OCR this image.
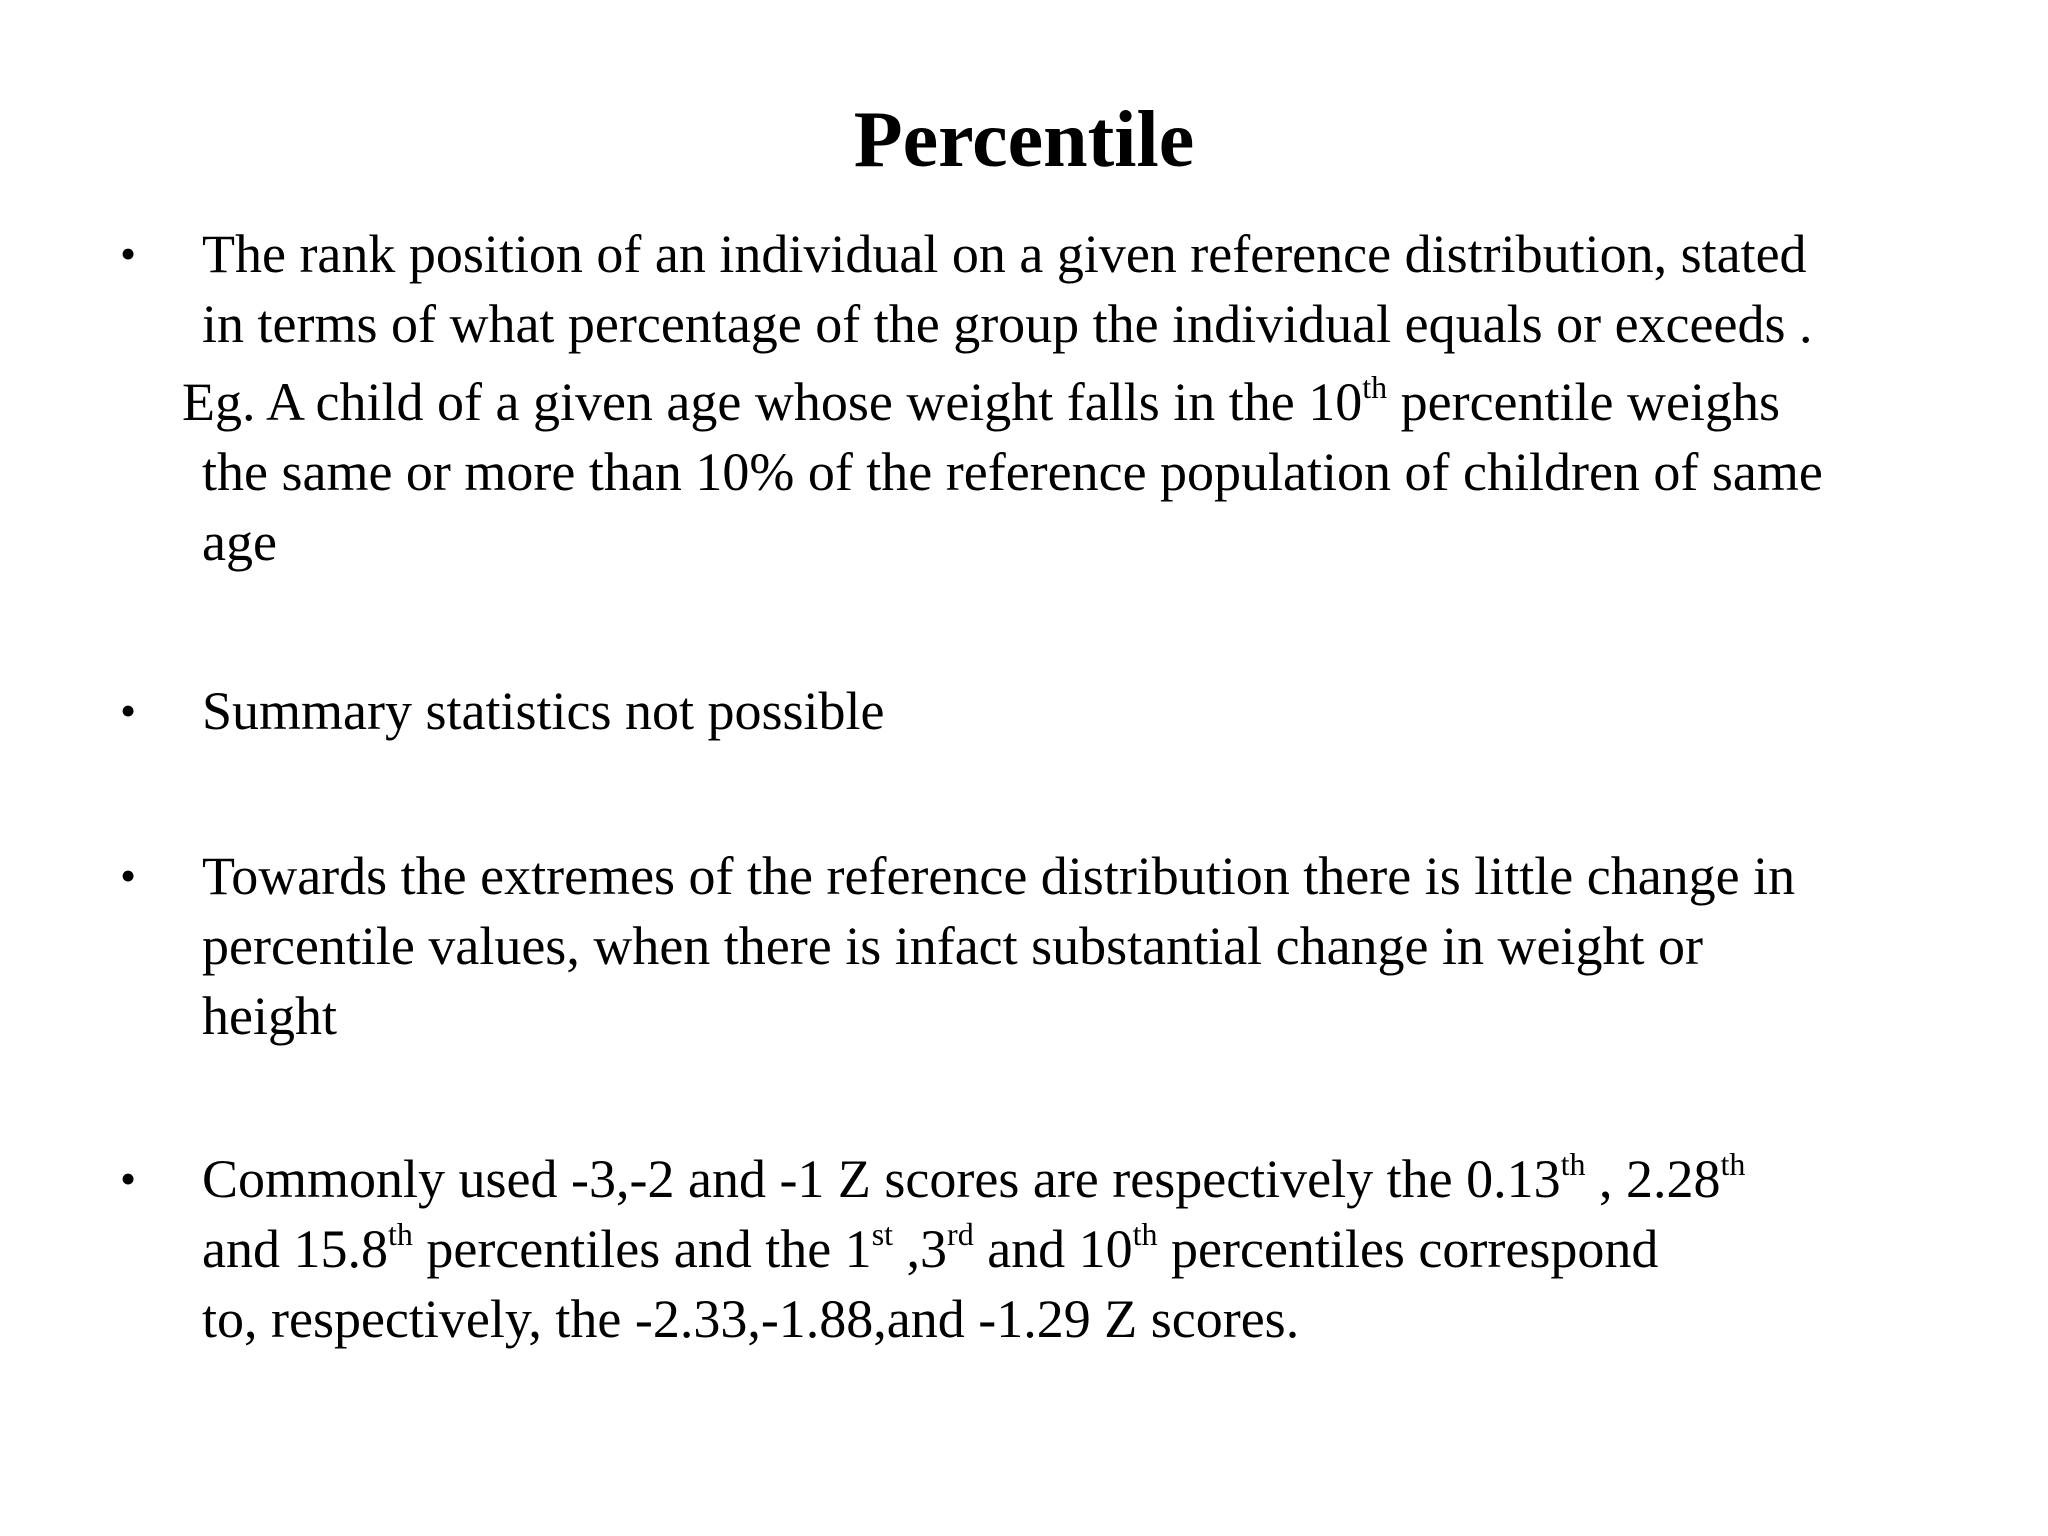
Percentile
•	The rank position of an individual on a given reference distribution, stated
in terms of what percentage of the group the individual equals or exceeds .
Eg. A child of a given age whose weight falls in the 10th percentile weighs
the same or more than 10% of the reference population of children of same
age
•	Summary statistics not possible
•	Towards the extremes of the reference distribution there is little change in
percentile values, when there is infact substantial change in weight or
height
•	Commonly used -3,-2 and -1 Z scores are respectively the 0.13th , 2.28th
and 15.8th percentiles and the 1st ,3rd and 10th percentiles correspond
to, respectively, the -2.33,-1.88,and -1.29 Z scores.
